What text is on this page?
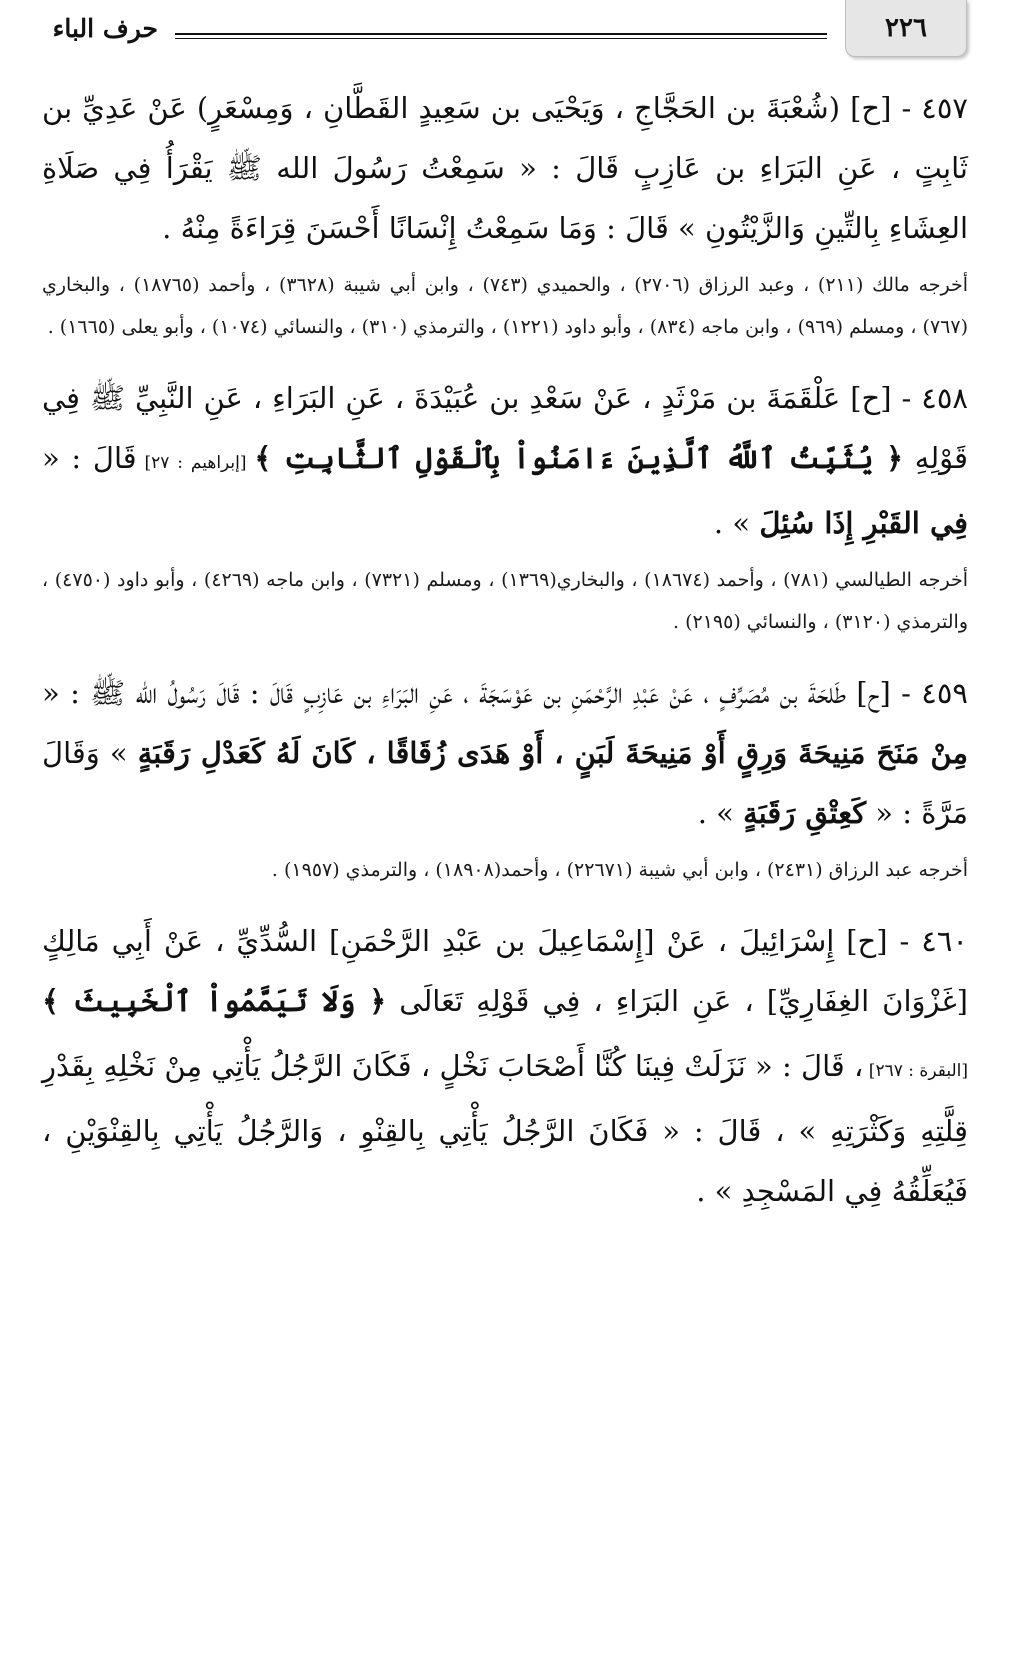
٢٢٦
حرف الباء

٤٥٧ - [ح] (شُعْبَةَ بن الحَجَّاجِ ، وَيَحْيَى بن سَعِيدٍ القَطَّانِ ، وَمِسْعَرٍ) عَنْ عَدِيِّ بن ثَابِتٍ ، عَنِ البَرَاءِ بن عَازِبٍ قَالَ : « سَمِعْتُ رَسُولَ الله ﷺ يَقْرَأُ فِي صَلَاةِ العِشَاءِ بِالتِّينِ وَالزَّيْتُونِ » قَالَ : وَمَا سَمِعْتُ إِنْسَانًا أَحْسَنَ قِرَاءَةً مِنْهُ .

أخرجه مالك (٢١١) ، وعبد الرزاق (٢٧٠٦) ، والحميدي (٧٤٣) ، وابن أبي شيبة (٣٦٢٨) ، وأحمد (١٨٧٦٥) ، والبخاري (٧٦٧) ، ومسلم (٩٦٩) ، وابن ماجه (٨٣٤) ، وأبو داود (١٢٢١) ، والترمذي (٣١٠) ، والنسائي (١٠٧٤) ، وأبو يعلى (١٦٦٥) .

٤٥٨ - [ح] عَلْقَمَةَ بن مَرْثَدٍ ، عَنْ سَعْدِ بن عُبَيْدَةَ ، عَنِ البَرَاءِ ، عَنِ النَّبِيِّ ﷺ فِي قَوْلِهِ ﴿ يُثَبِّتُ ٱللَّهُ ٱلَّذِينَ ءَامَنُواْ بِٱلْقَوْلِ ٱلثَّابِتِ ﴾ [إبراهيم : ٢٧] قَالَ : « فِي القَبْرِ إِذَا سُئِلَ » .

أخرجه الطيالسي (٧٨١) ، وأحمد (١٨٦٧٤) ، والبخاري(١٣٦٩) ، ومسلم (٧٣٢١) ، وابن ماجه (٤٢٦٩) ، وأبو داود (٤٧٥٠) ، والترمذي (٣١٢٠) ، والنسائي (٢١٩٥) .

٤٥٩ - [ح] طَلحَةَ بن مُصَرِّفٍ ، عَنْ عَبْدِ الرَّحْمَنِ بن عَوْسَجَةَ ، عَنِ البَرَاءِ بن عَازِبٍ قَالَ : قَالَ رَسُولُ الله ﷺ : « مِنْ مَنَحَ مَنِيحَةَ وَرِقٍ أَوْ مَنِيحَةَ لَبَنٍ ، أَوْ هَدَى زُقَاقًا ، كَانَ لَهُ كَعَدْلِ رَقَبَةٍ » وَقَالَ مَرَّةً : « كَعِتْقِ رَقَبَةٍ » .

أخرجه عبد الرزاق (٢٤٣١) ، وابن أبي شيبة (٢٢٦٧١) ، وأحمد(١٨٩٠٨) ، والترمذي (١٩٥٧) .

٤٦٠ - [ح] إِسْرَائِيلَ ، عَنْ [إِسْمَاعِيلَ بن عَبْدِ الرَّحْمَنِ] السُّدِّيِّ ، عَنْ أَبِي مَالِكٍ [غَزْوَانَ الغِفَارِيِّ] ، عَنِ البَرَاءِ ، فِي قَوْلِهِ تَعَالَى ﴿ وَلَا تَيَمَّمُواْ ٱلْخَبِيثَ ﴾ [البقرة : ٢٦٧] ، قَالَ : « نَزَلَتْ فِينَا كُنَّا أَصْحَابَ نَخْلٍ ، فَكَانَ الرَّجُلُ يَأْتِي مِنْ نَخْلِهِ بِقَدْرِ قِلَّتِهِ وَكَثْرَتِهِ » ، قَالَ : « فَكَانَ الرَّجُلُ يَأْتِي بِالقِنْوِ ، وَالرَّجُلُ يَأْتِي بِالقِنْوَيْنِ ، فَيُعَلِّقُهُ فِي المَسْجِدِ » .
